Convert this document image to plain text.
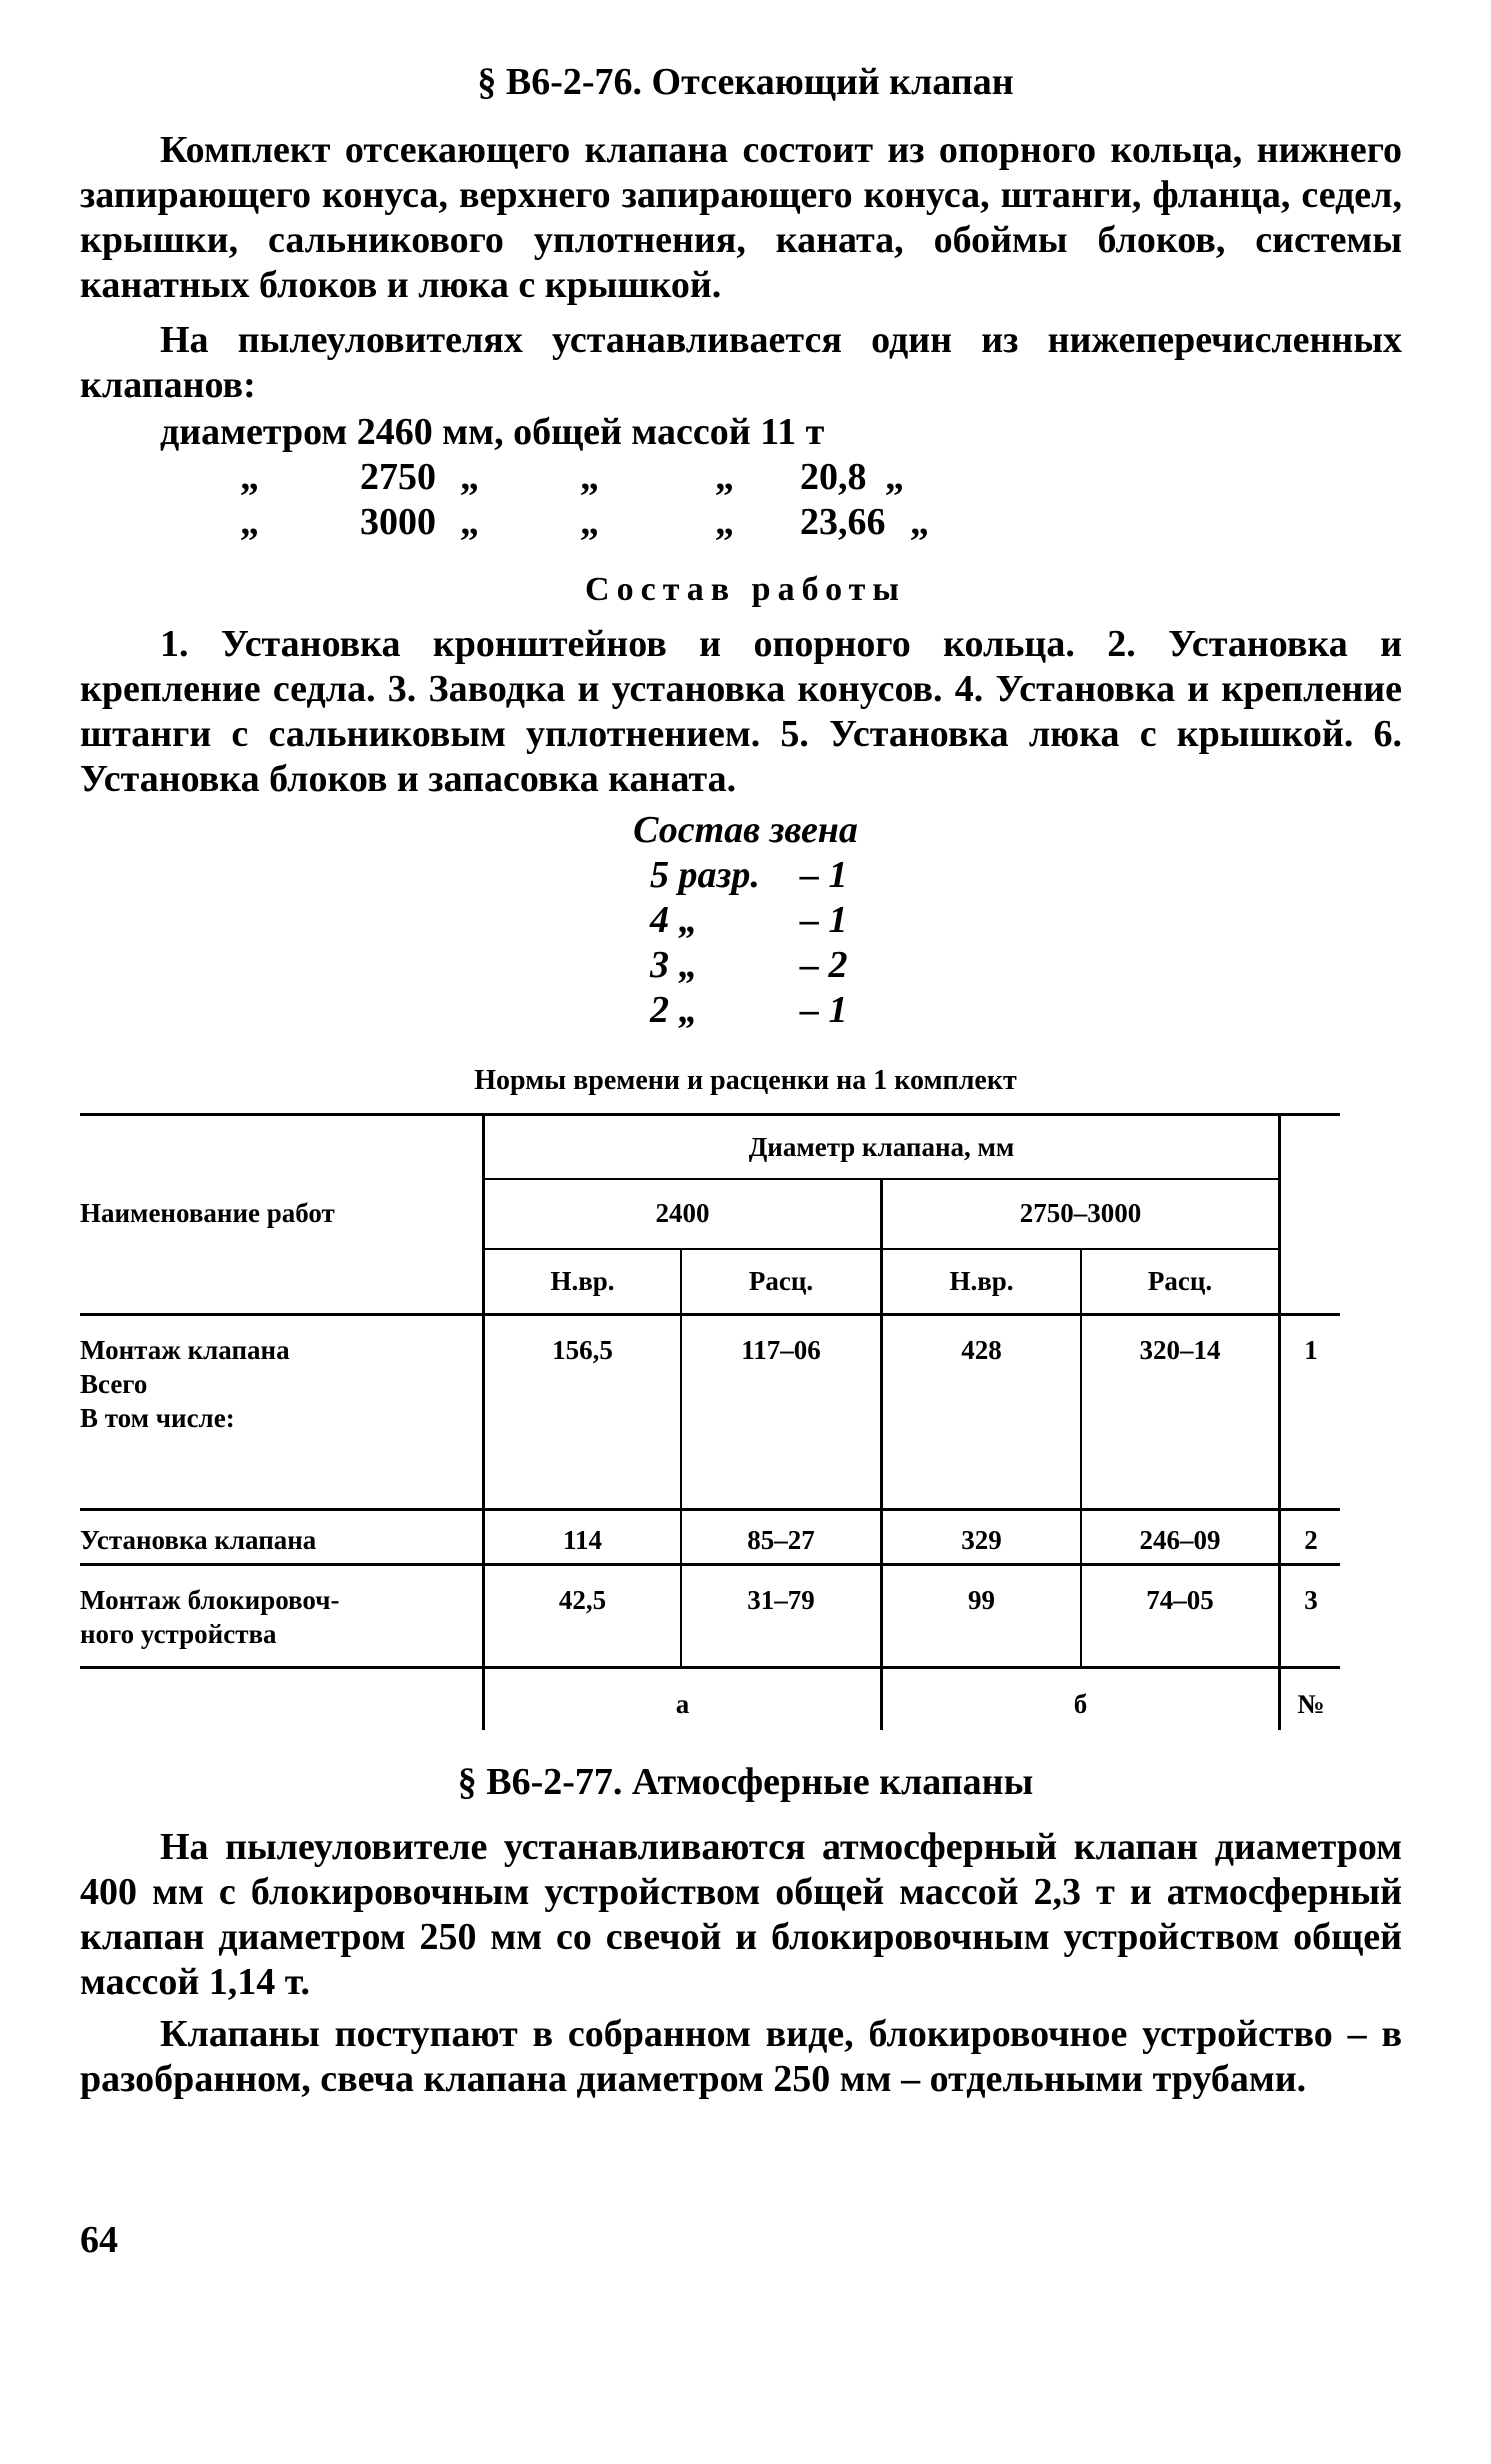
§ В6-2-76. Отсекающий клапан
Комплект отсекающего клапана состоит из опорного кольца, нижнего запирающего конуса, верхнего запирающего конуса, штанги, фланца, седел, крышки, сальникового уплотнения, каната, обоймы блоков, системы канатных блоков и люка с крышкой.
На пылеуловителях устанавливается один из нижеперечисленных клапанов:
диаметром 2460 мм, общей массой 11 т
„	2750 „	„	„ 20,8 „
„	3000 „	„	„ 23,66 „
Состав работы
1. Установка кронштейнов и опорного кольца. 2. Установка и крепление седла. 3. Заводка и установка конусов. 4. Установка и крепление штанги с сальниковым уплотнением. 5. Установка люка с крышкой. 6. Установка блоков и запасовка каната.
Состав звена
5 разр. – 1
4 „	– 1
3 „	– 2
2 „	– 1
Нормы времени и расценки на 1 комплект
Наименование работ
Диаметр клапана, мм
2400	2750–3000
Н.вр.	Расц.	Н.вр.	Расц.
Монтаж клапана
Всего
В том числе:
156,5	117–06	428	320–14	1
Установка клапана	114	85–27	329	246–09	2
Монтаж блокировоч-
ного устройства
42,5	31–79	99	74–05	3
а	б	№
§ В6-2-77. Атмосферные клапаны
На пылеуловителе устанавливаются атмосферный клапан диаметром 400 мм с блокировочным устройством общей массой 2,3 т и атмосферный клапан диаметром 250 мм со свечой и блокировочным устройством общей массой 1,14 т.
Клапаны поступают в собранном виде, блокировочное устройство – в разобранном, свеча клапана диаметром 250 мм – отдельными трубами.
64
